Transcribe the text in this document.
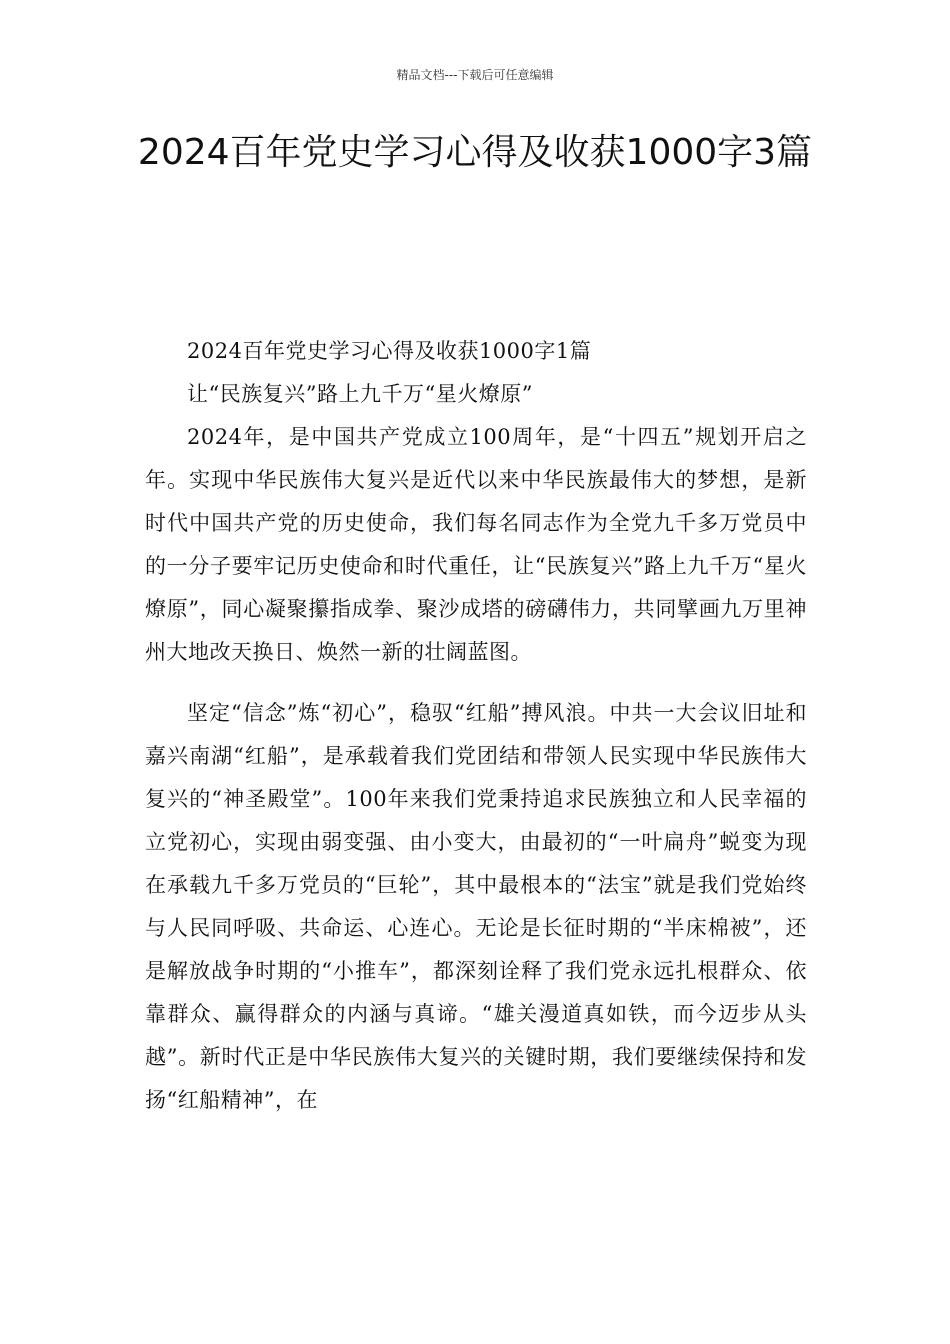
精品文档---下载后可任意编辑
2024百年党史学习心得及收获1000字3篇

2024百年党史学习心得及收获1000字1篇

让“民族复兴”路上九千万“星火燎原”

2024年，是中国共产党成立100周年，是“十四五”规划开启之年。实现中华民族伟大复兴是近代以来中华民族最伟大的梦想，是新时代中国共产党的历史使命，我们每名同志作为全党九千多万党员中的一分子要牢记历史使命和时代重任，让“民族复兴”路上九千万“星火燎原”，同心凝聚攥指成拳、聚沙成塔的磅礴伟力，共同擘画九万里神州大地改天换日、焕然一新的壮阔蓝图。

坚定“信念”炼“初心”，稳驭“红船”搏风浪。中共一大会议旧址和嘉兴南湖“红船”，是承载着我们党团结和带领人民实现中华民族伟大复兴的“神圣殿堂”。100年来我们党秉持追求民族独立和人民幸福的立党初心，实现由弱变强、由小变大，由最初的“一叶扁舟”蜕变为现在承载九千多万党员的“巨轮”，其中最根本的“法宝”就是我们党始终与人民同呼吸、共命运、心连心。无论是长征时期的“半床棉被”，还是解放战争时期的“小推车”，都深刻诠释了我们党永远扎根群众、依靠群众、赢得群众的内涵与真谛。“雄关漫道真如铁，而今迈步从头越”。新时代正是中华民族伟大复兴的关键时期，我们要继续保持和发扬“红船精神”，在
